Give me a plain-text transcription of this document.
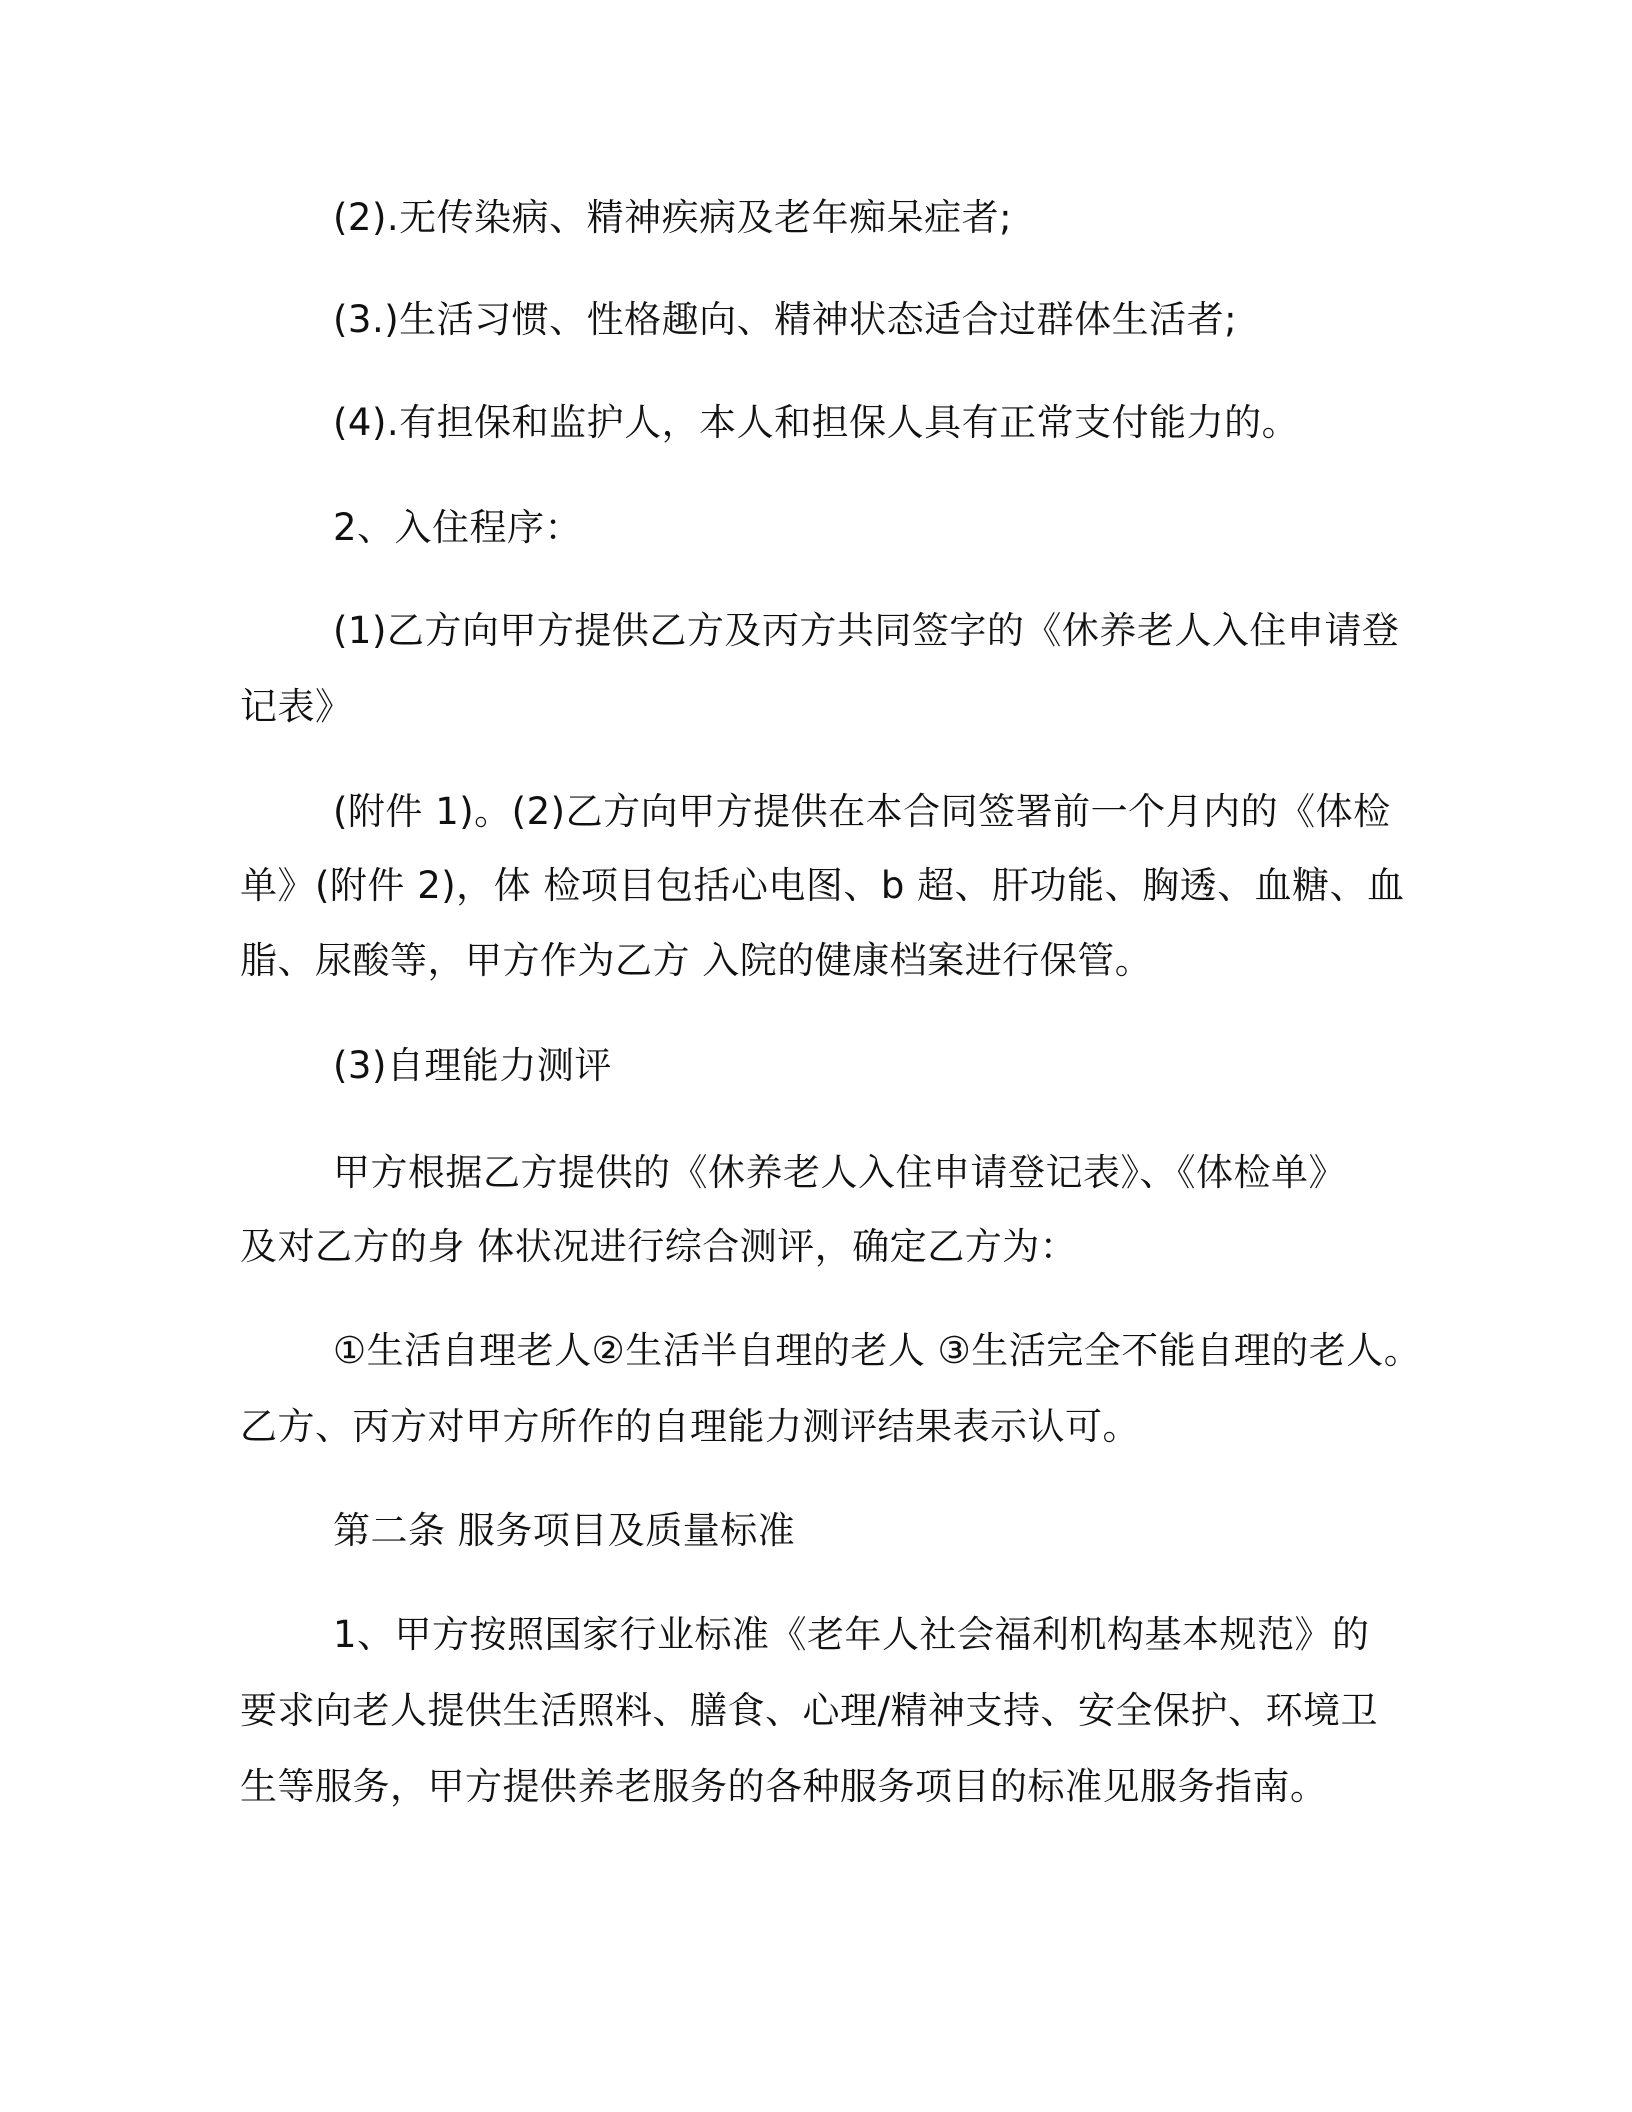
(2).无传染病、精神疾病及老年痴呆症者;
(3.)生活习惯、性格趣向、精神状态适合过群体生活者;
(4).有担保和监护人，本人和担保人具有正常支付能力的。
2、入住程序：
(1)乙方向甲方提供乙方及丙方共同签字的《休养老人入住申请登
记表》
(附件 1)。(2)乙方向甲方提供在本合同签署前一个月内的《体检
单》(附件 2)，体 检项目包括心电图、b 超、肝功能、胸透、血糖、血
脂、尿酸等，甲方作为乙方 入院的健康档案进行保管。
(3)自理能力测评
甲方根据乙方提供的《休养老人入住申请登记表》、《体检单》
及对乙方的身 体状况进行综合测评，确定乙方为：
①生活自理老人②生活半自理的老人 ③生活完全不能自理的老人。
乙方、丙方对甲方所作的自理能力测评结果表示认可。
第二条 服务项目及质量标准
1、甲方按照国家行业标准《老年人社会福利机构基本规范》的
要求向老人提供生活照料、膳食、心理/精神支持、安全保护、环境卫
生等服务，甲方提供养老服务的各种服务项目的标准见服务指南。
